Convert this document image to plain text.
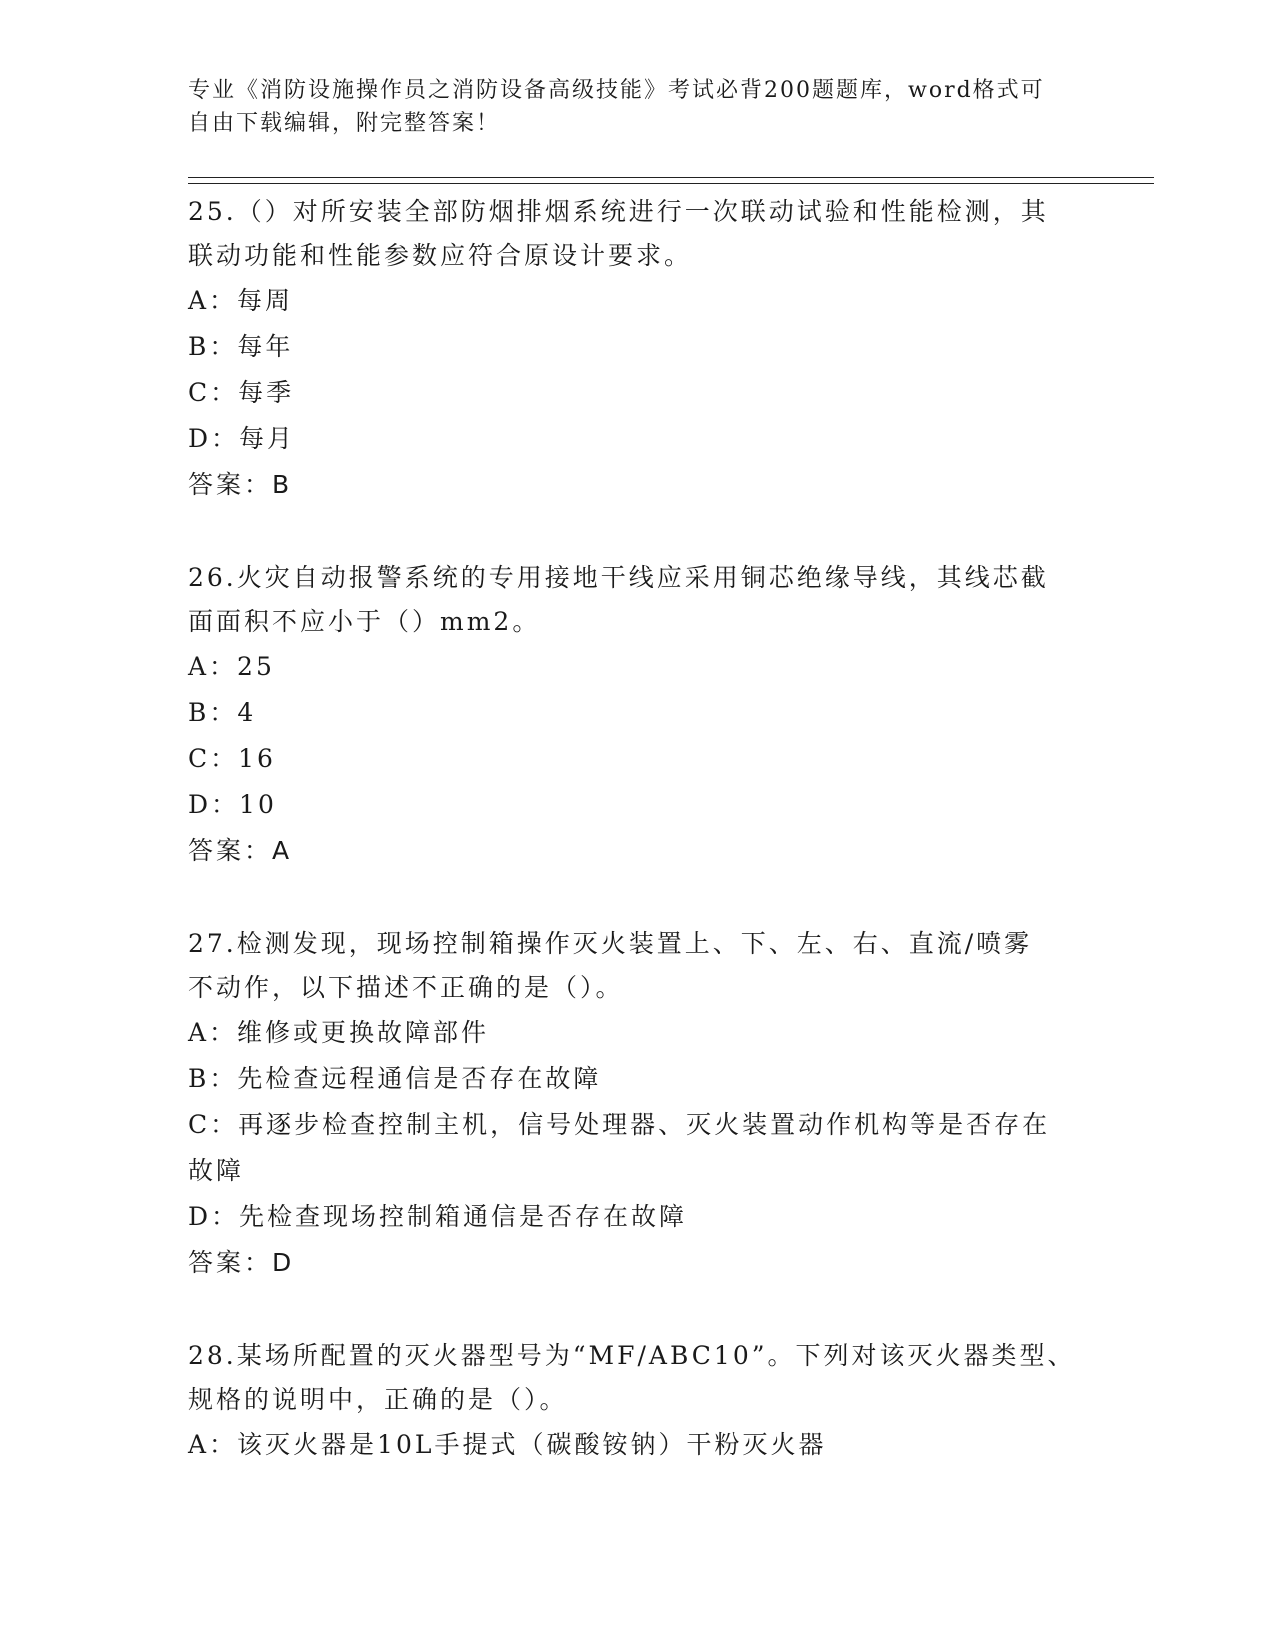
专业《消防设施操作员之消防设备高级技能》考试必背200题题库，word格式可
自由下载编辑，附完整答案！

25.（）对所安装全部防烟排烟系统进行一次联动试验和性能检测，其

联动功能和性能参数应符合原设计要求。

A：每周

B：每年

C：每季

D：每月

答案：B

26.火灾自动报警系统的专用接地干线应采用铜芯绝缘导线，其线芯截

面面积不应小于（）mm2。

A：25

B：4

C：16

D：10

答案：A

27.检测发现，现场控制箱操作灭火装置上、下、左、右、直流/喷雾

不动作，以下描述不正确的是（）。

A：维修或更换故障部件

B：先检查远程通信是否存在故障

C：再逐步检查控制主机，信号处理器、灭火装置动作机构等是否存在

故障

D：先检查现场控制箱通信是否存在故障

答案：D

28.某场所配置的灭火器型号为“MF/ABC10”。下列对该灭火器类型、

规格的说明中，正确的是（）。

A：该灭火器是10L手提式（碳酸铵钠）干粉灭火器
